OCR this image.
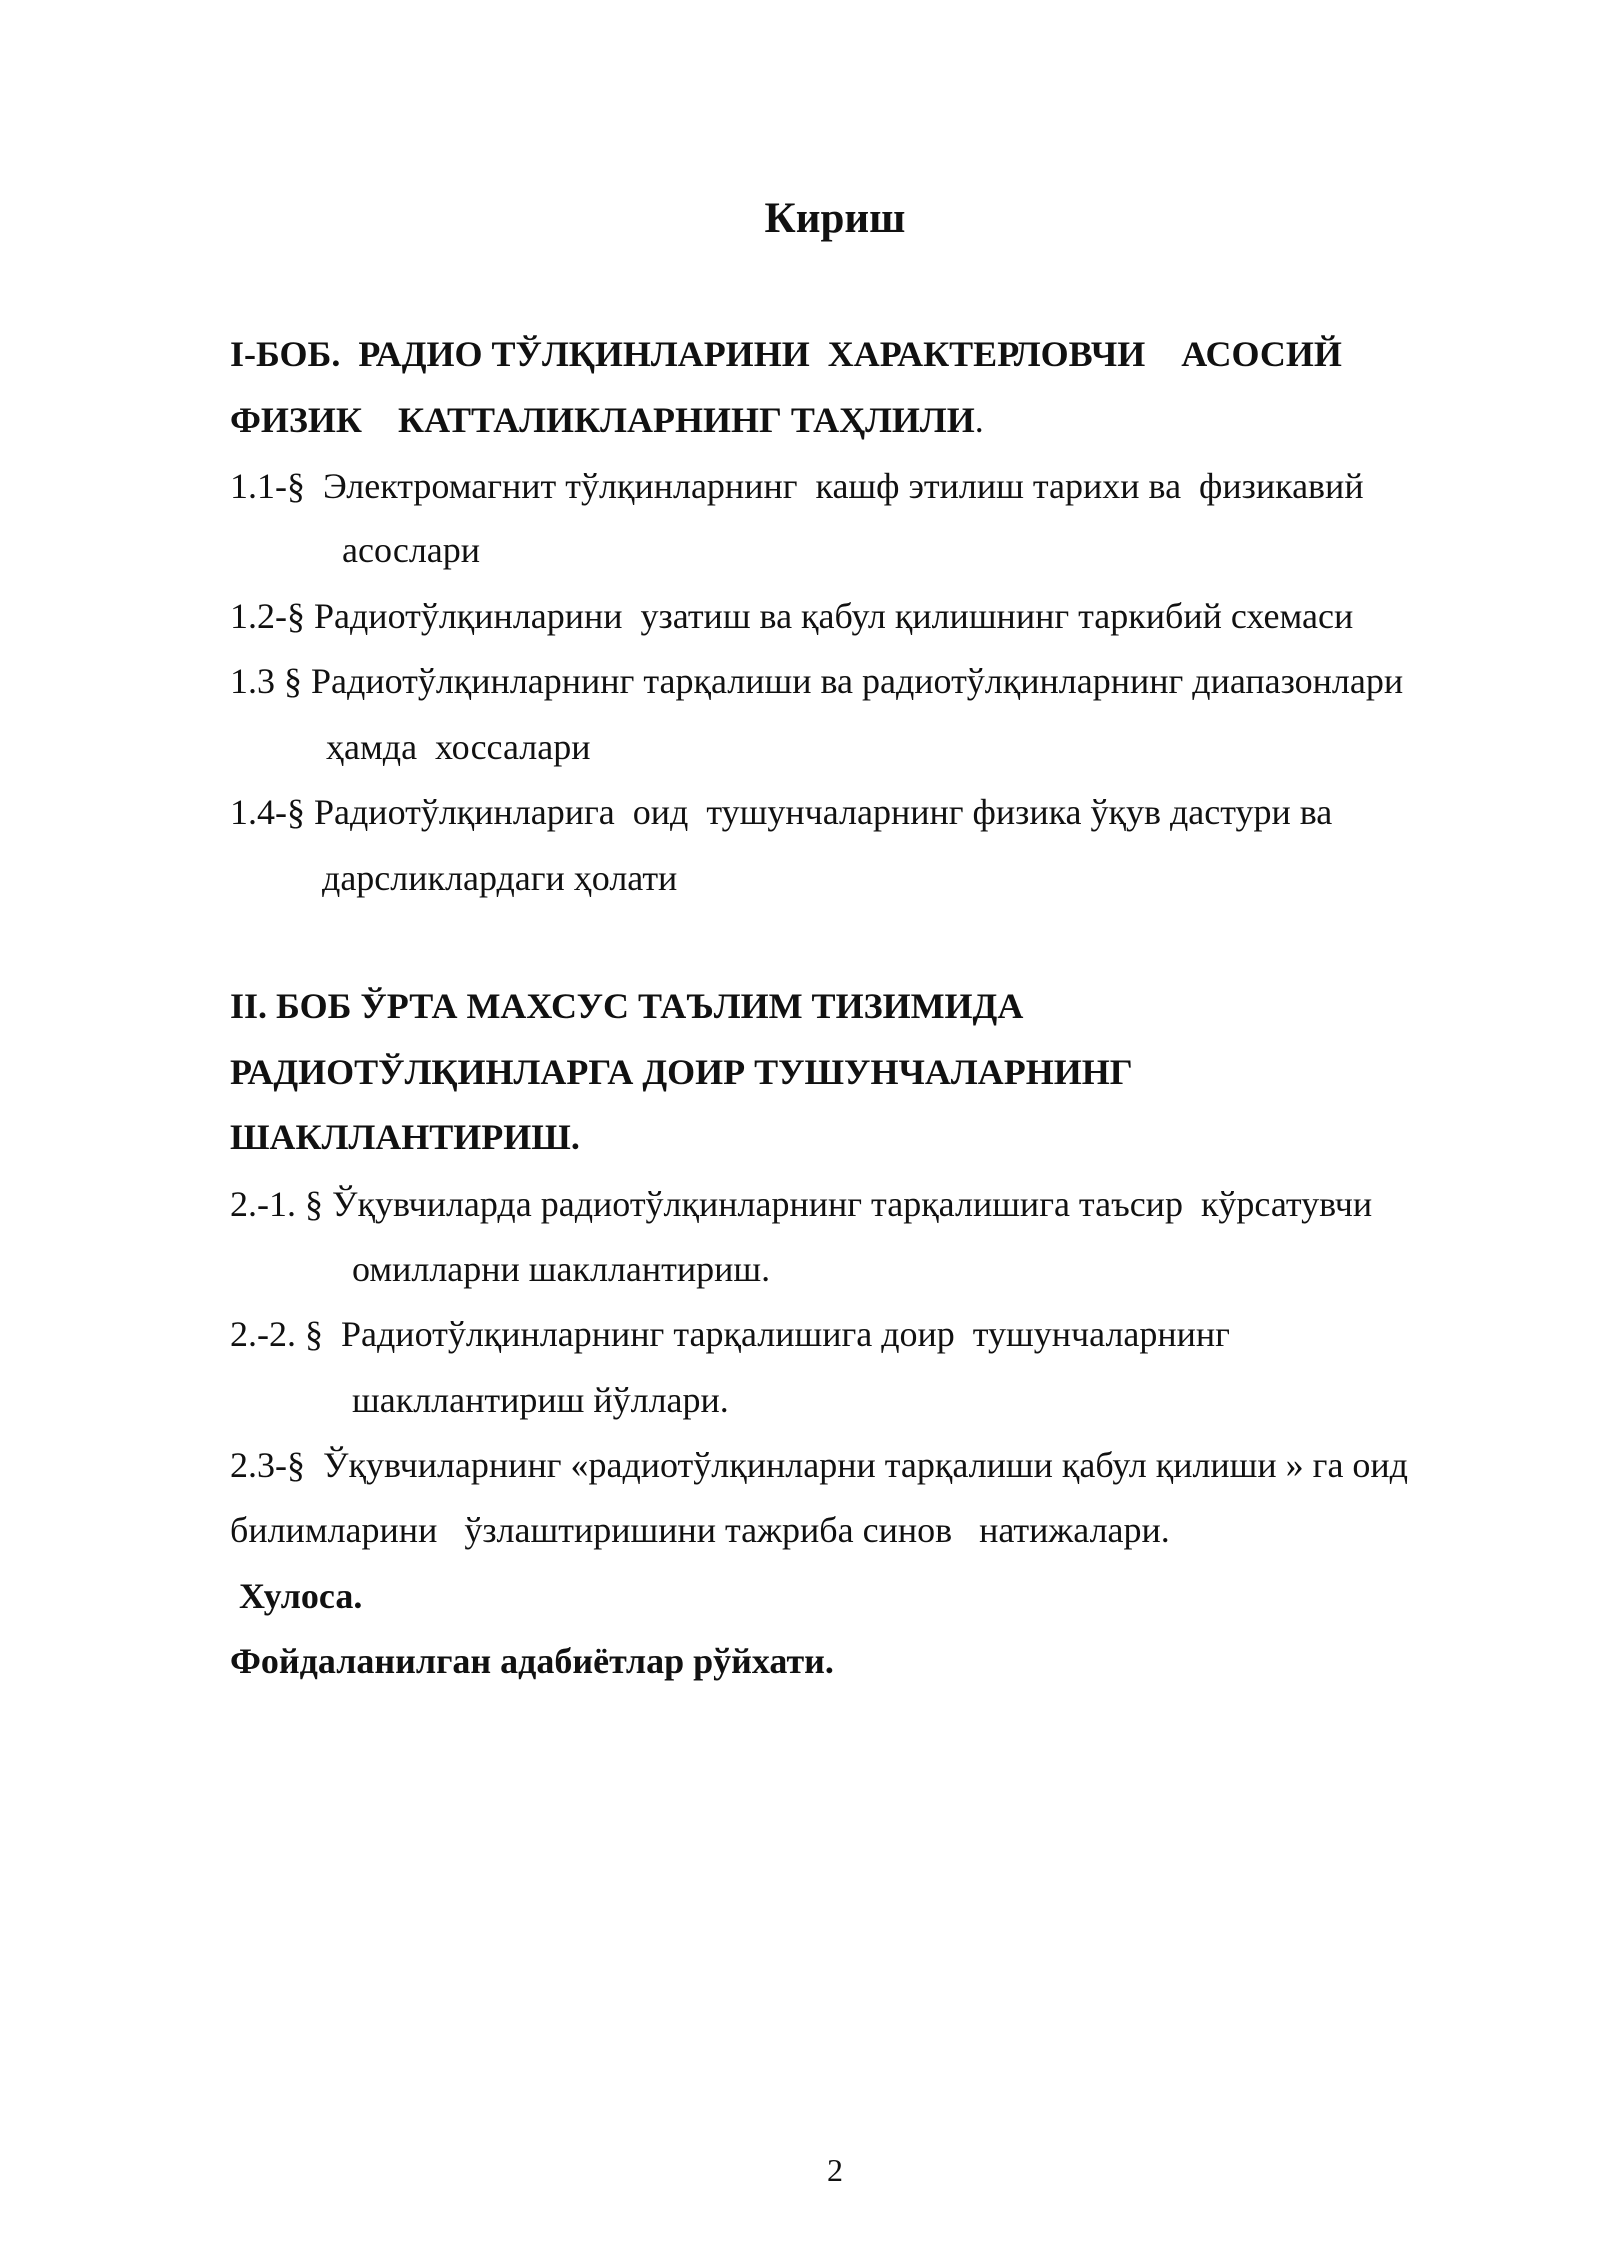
Кириш
I-БОБ.  РАДИО ТЎЛҚИНЛАРИНИ  ХАРАКТЕРЛОВЧИ    АСОСИЙ
ФИЗИК    КАТТАЛИКЛАРНИНГ ТАҲЛИЛИ.
1.1-§  Электромагнит тўлқинларнинг  кашф этилиш тарихи ва  физикавий
асослари
1.2-§ Радиотўлқинларини  узатиш ва қабул қилишнинг таркибий схемаси
1.3 § Радиотўлқинларнинг тарқалиши ва радиотўлқинларнинг диапазонлари
ҳамда  хоссалари
1.4-§ Радиотўлқинларига  оид  тушунчаларнинг физика ўқув дастури ва
дарсликлардаги ҳолати
II. БОБ ЎРТА МАХСУС ТАЪЛИМ ТИЗИМИДА
РАДИОТЎЛҚИНЛАРГА ДОИР ТУШУНЧАЛАРНИНГ
ШАКЛЛАНТИРИШ.
2.-1. § Ўқувчиларда радиотўлқинларнинг тарқалишига таъсир  кўрсатувчи
омилларни шакллантириш.
2.-2. §  Радиотўлқинларнинг тарқалишига доир  тушунчаларнинг
шакллантириш йўллари.
2.3-§  Ўқувчиларнинг «радиотўлқинларни тарқалиши қабул қилиши » га оид
билимларини   ўзлаштиришини тажриба синов   натижалари.
Хулоса.
Фойдаланилган адабиётлар рўйхати.
2
